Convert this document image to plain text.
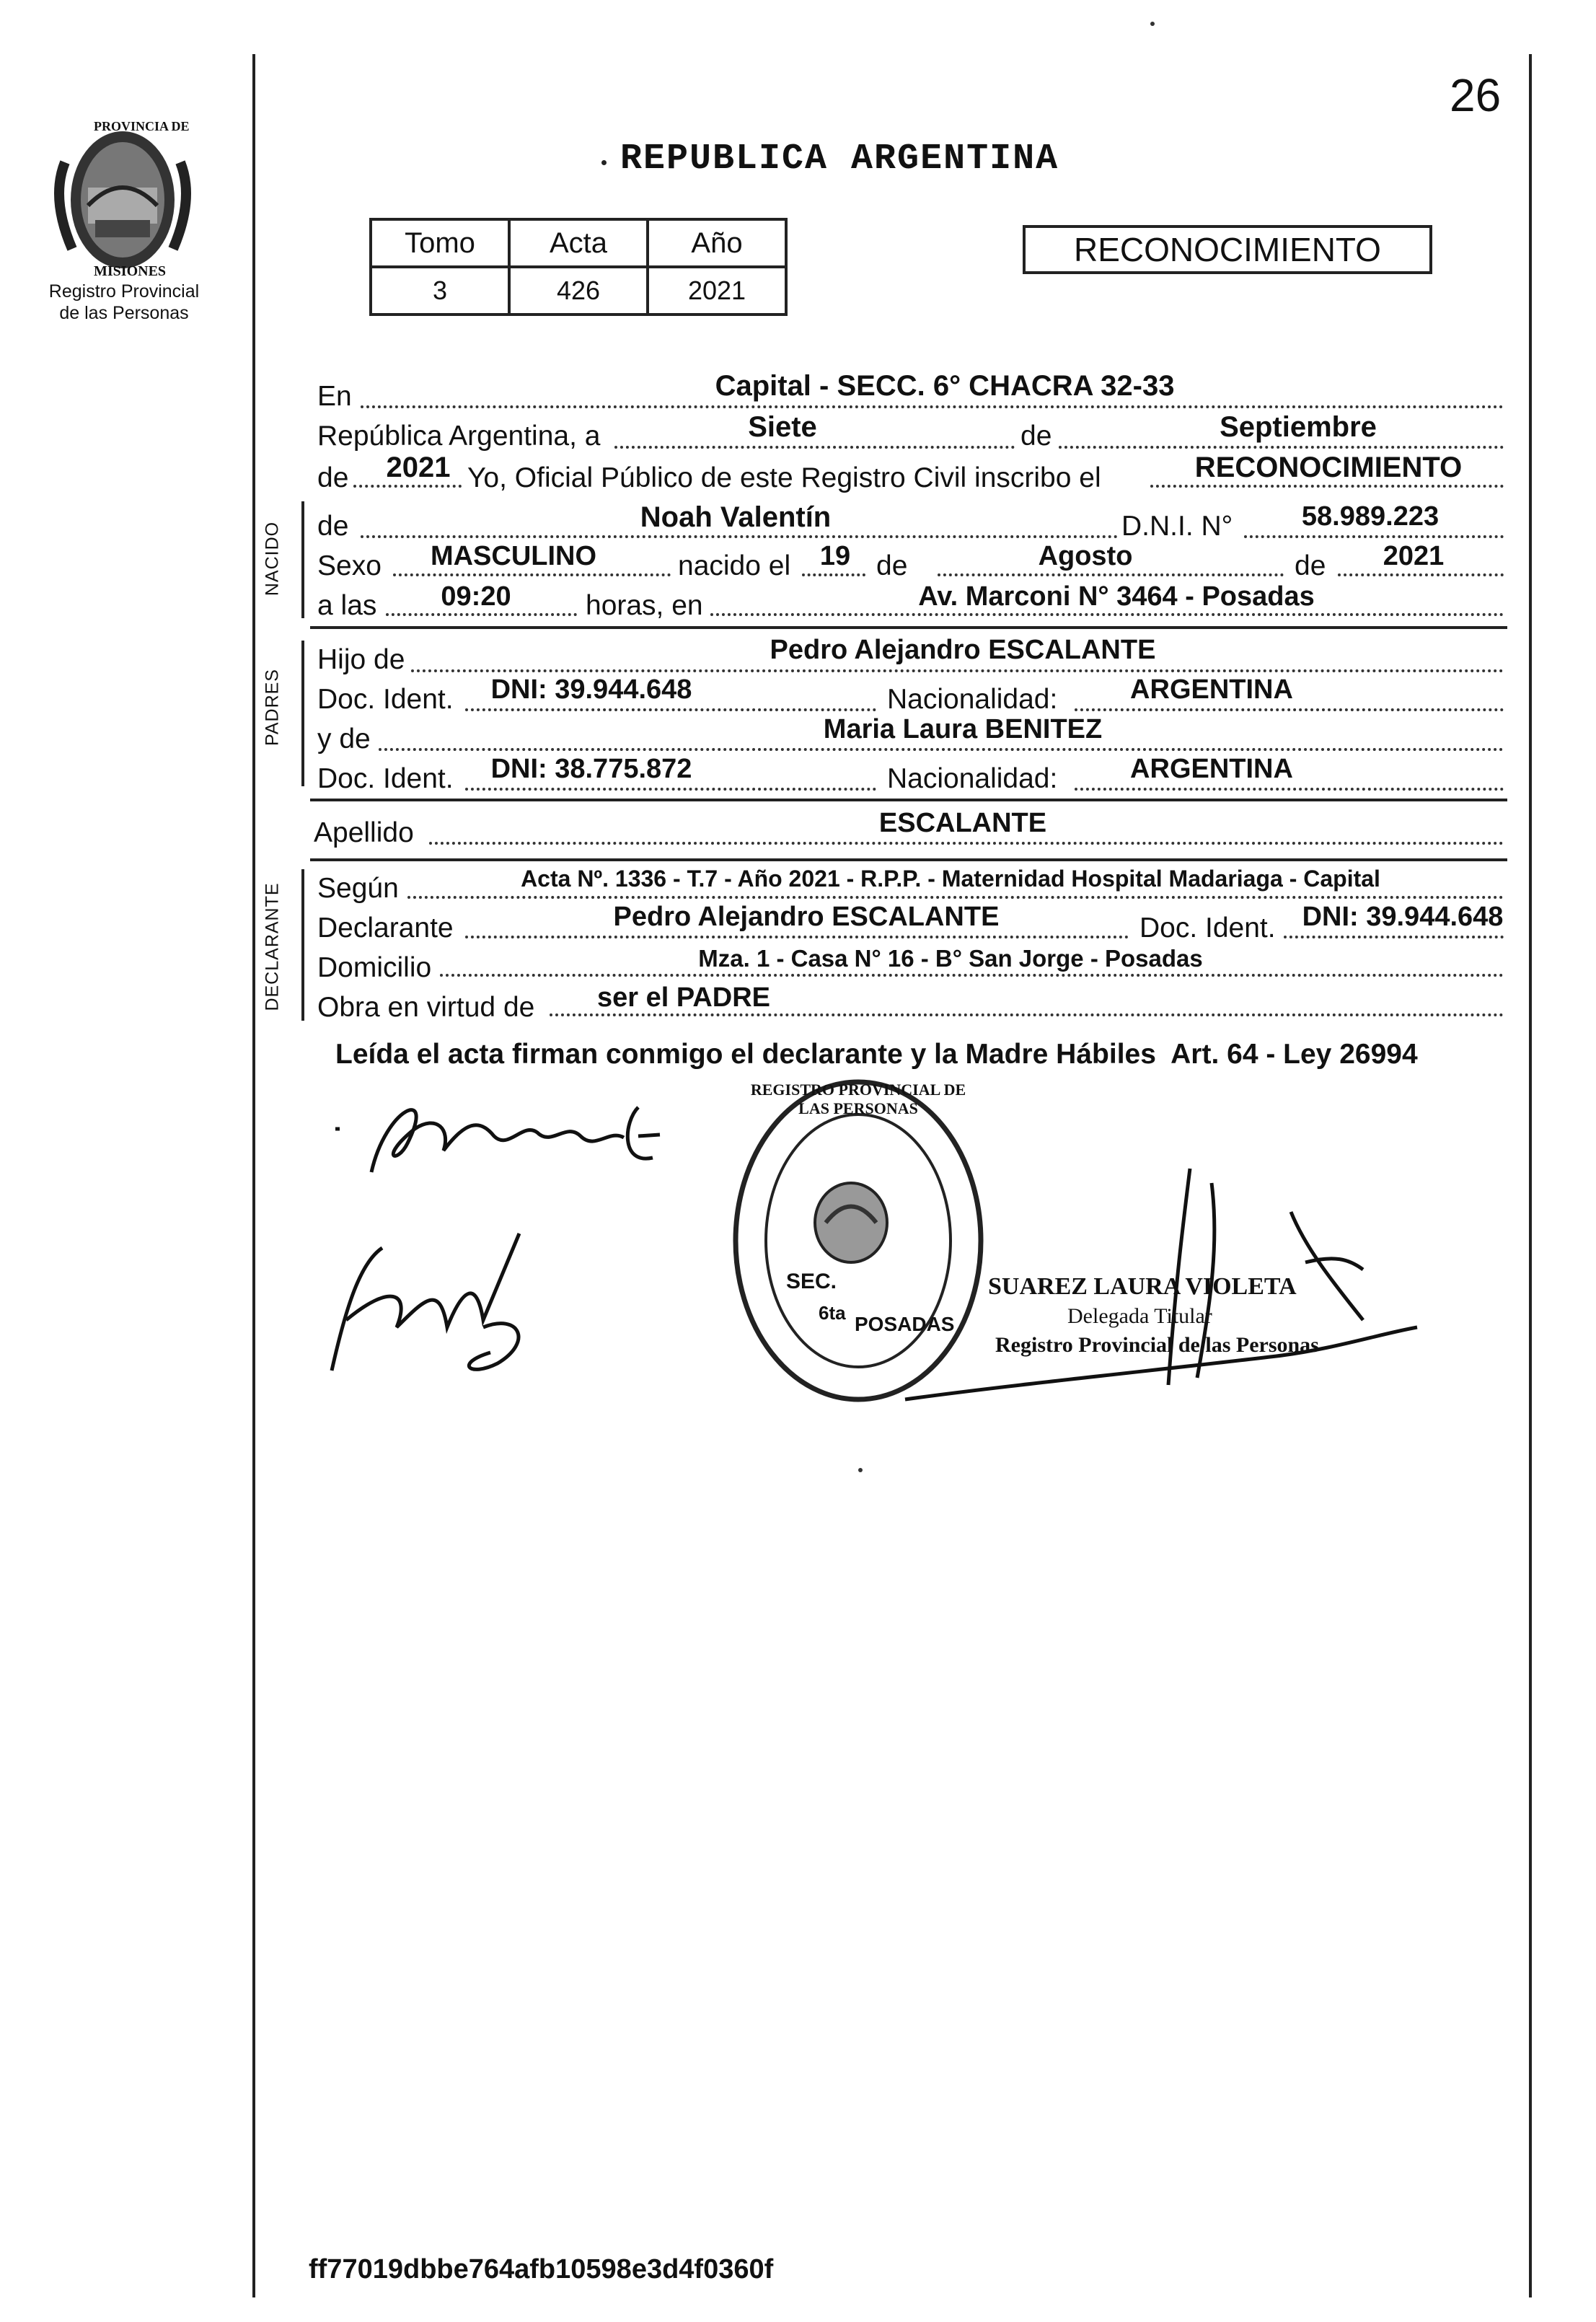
PROVINCIA DE
MISIONES
Registro Provincial
de las Personas
26
REPUBLICA ARGENTINA
Tomo	Acta	Año
3	426	2021
RECONOCIMIENTO
En	Capital - SECC. 6° CHACRA 32-33
República Argentina, a	Siete	de	Septiembre
de 2021 Yo, Oficial Público de este Registro Civil inscribo el	RECONOCIMIENTO
NACIDO de	Noah Valentín	D.N.I. N°	58.989.223
Sexo MASCULINO	nacido el 19 de	Agosto	de 2021
a las 09:20	horas, en	Av. Marconi N° 3464 - Posadas
PADRES
Hijo de	Pedro Alejandro ESCALANTE
Doc. Ident. DNI: 39.944.648	Nacionalidad:	ARGENTINA
y de	Maria Laura BENITEZ
Doc. Ident. DNI: 38.775.872	Nacionalidad:	ARGENTINA
Apellido	ESCALANTE
DECLARANTE Según	Acta Nº. 1336 - T.7 - Año 2021 - R.P.P. - Maternidad Hospital Madariaga - Capital
Declarante	Pedro Alejandro ESCALANTE	Doc. Ident. DNI: 39.944.648
Domicilio	Mza. 1 - Casa N° 16 - B° San Jorge - Posadas
Obra en virtud de ser el PADRE
Leída el acta firman conmigo el declarante y la Madre Hábiles  Art. 64 - Ley 26994
REGISTRO PROVINCIAL DE LAS PERSONAS
SEC.
6ta POSADAS
SUAREZ LAURA VIOLETA
Delegada Titular
Registro Provincial de las Personas
ff77019dbbe764afb10598e3d4f0360f
